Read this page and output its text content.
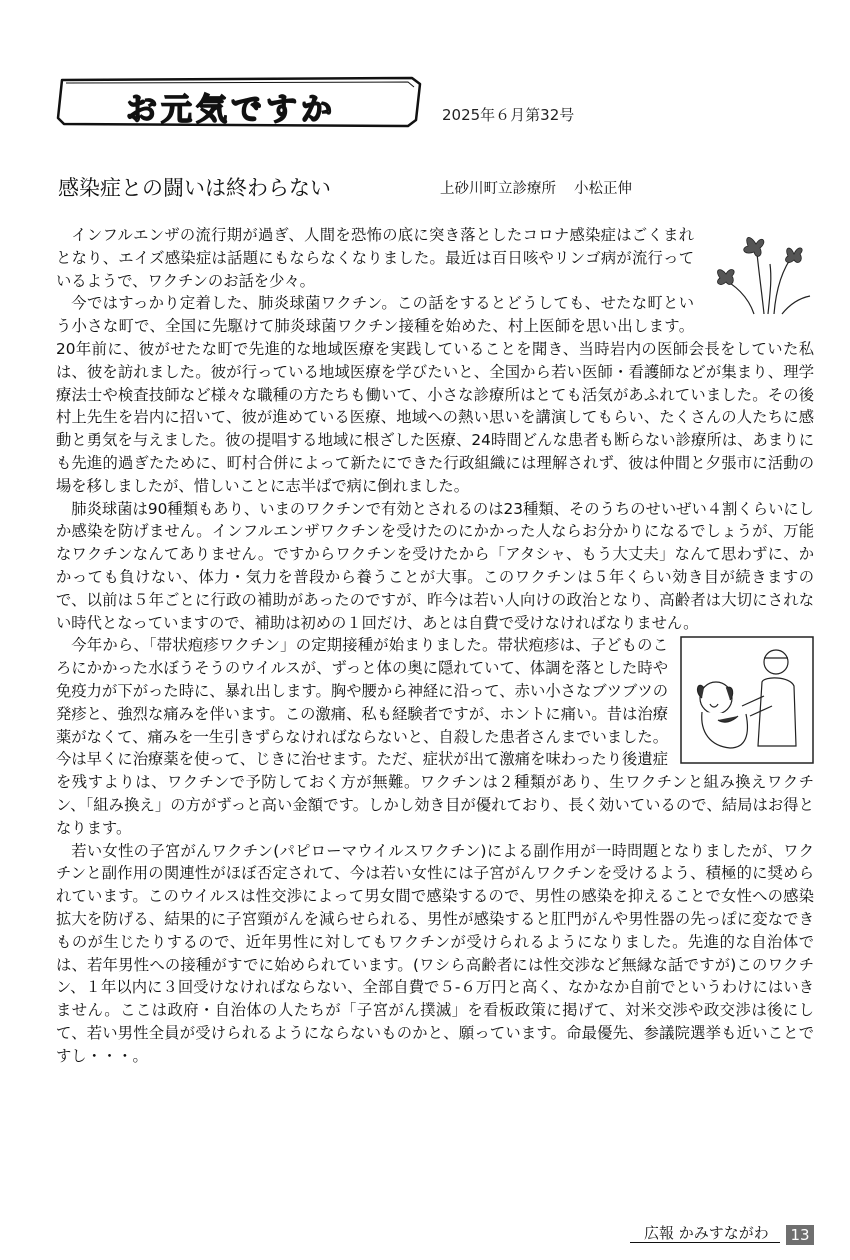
お元気ですか	2025年６月第32号
感染症との闘いは終わらない	上砂川町立診療所 小松正伸

インフルエンザの流行期が過ぎ、人間を恐怖の底に突き落としたコロナ感染症はごくまれとなり、エイズ感染症は話題にもならなくなりました。最近は百日咳やリンゴ病が流行っているようで、ワクチンのお話を少々。

今ではすっかり定着した、肺炎球菌ワクチン。この話をするとどうしても、せたな町という小さな町で、全国に先駆けて肺炎球菌ワクチン接種を始めた、村上医師を思い出します。20年前に、彼がせたな町で先進的な地域医療を実践していることを聞き、当時岩内の医師会長をしていた私は、彼を訪れました。彼が行っている地域医療を学びたいと、全国から若い医師・看護師などが集まり、理学療法士や検査技師など様々な職種の方たちも働いて、小さな診療所はとても活気があふれていました。その後村上先生を岩内に招いて、彼が進めている医療、地域への熱い思いを講演してもらい、たくさんの人たちに感動と勇気を与えました。彼の提唱する地域に根ざした医療、24時間どんな患者も断らない診療所は、あまりにも先進的過ぎたために、町村合併によって新たにできた行政組織には理解されず、彼は仲間と夕張市に活動の場を移しましたが、惜しいことに志半ばで病に倒れました。

肺炎球菌は90種類もあり、いまのワクチンで有効とされるのは23種類、そのうちのせいぜい４割くらいにしか感染を防げません。インフルエンザワクチンを受けたのにかかった人ならお分かりになるでしょうが、万能なワクチンなんてありません。ですからワクチンを受けたから「アタシャ、もう大丈夫」なんて思わずに、かかっても負けない、体力・気力を普段から養うことが大事。このワクチンは５年くらい効き目が続きますので、以前は５年ごとに行政の補助があったのですが、昨今は若い人向けの政治となり、高齢者は大切にされない時代となっていますので、補助は初めの１回だけ、あとは自費で受けなければなりません。

今年から、「帯状疱疹ワクチン」の定期接種が始まりました。帯状疱疹は、子どものころにかかった水ぼうそうのウイルスが、ずっと体の奥に隠れていて、体調を落とした時や免疫力が下がった時に、暴れ出します。胸や腰から神経に沿って、赤い小さなブツブツの発疹と、強烈な痛みを伴います。この激痛、私も経験者ですが、ホントに痛い。昔は治療薬がなくて、痛みを一生引きずらなければならないと、自殺した患者さんまでいました。今は早くに治療薬を使って、じきに治せます。ただ、症状が出て激痛を味わったり後遺症を残すよりは、ワクチンで予防しておく方が無難。ワクチンは２種類があり、生ワクチンと組み換えワクチン、「組み換え」の方がずっと高い金額です。しかし効き目が優れており、長く効いているので、結局はお得となります。

若い女性の子宮がんワクチン(パピローマウイルスワクチン)による副作用が一時問題となりましたが、ワクチンと副作用の関連性がほぼ否定されて、今は若い女性には子宮がんワクチンを受けるよう、積極的に奨められています。このウイルスは性交渉によって男女間で感染するので、男性の感染を抑えることで女性への感染拡大を防げる、結果的に子宮頸がんを減らせられる、男性が感染すると肛門がんや男性器の先っぽに変なできものが生じたりするので、近年男性に対してもワクチンが受けられるようになりました。先進的な自治体では、若年男性への接種がすでに始められています。(ワシら高齢者には性交渉など無縁な話ですが)このワクチン、１年以内に３回受けなければならない、全部自費で５-６万円と高く、なかなか自前でというわけにはいきません。ここは政府・自治体の人たちが「子宮がん撲滅」を看板政策に掲げて、対米交渉や政交渉は後にして、若い男性全員が受けられるようにならないものかと、願っています。命最優先、参議院選挙も近いことですし・・・。

広報 かみすながわ 13
